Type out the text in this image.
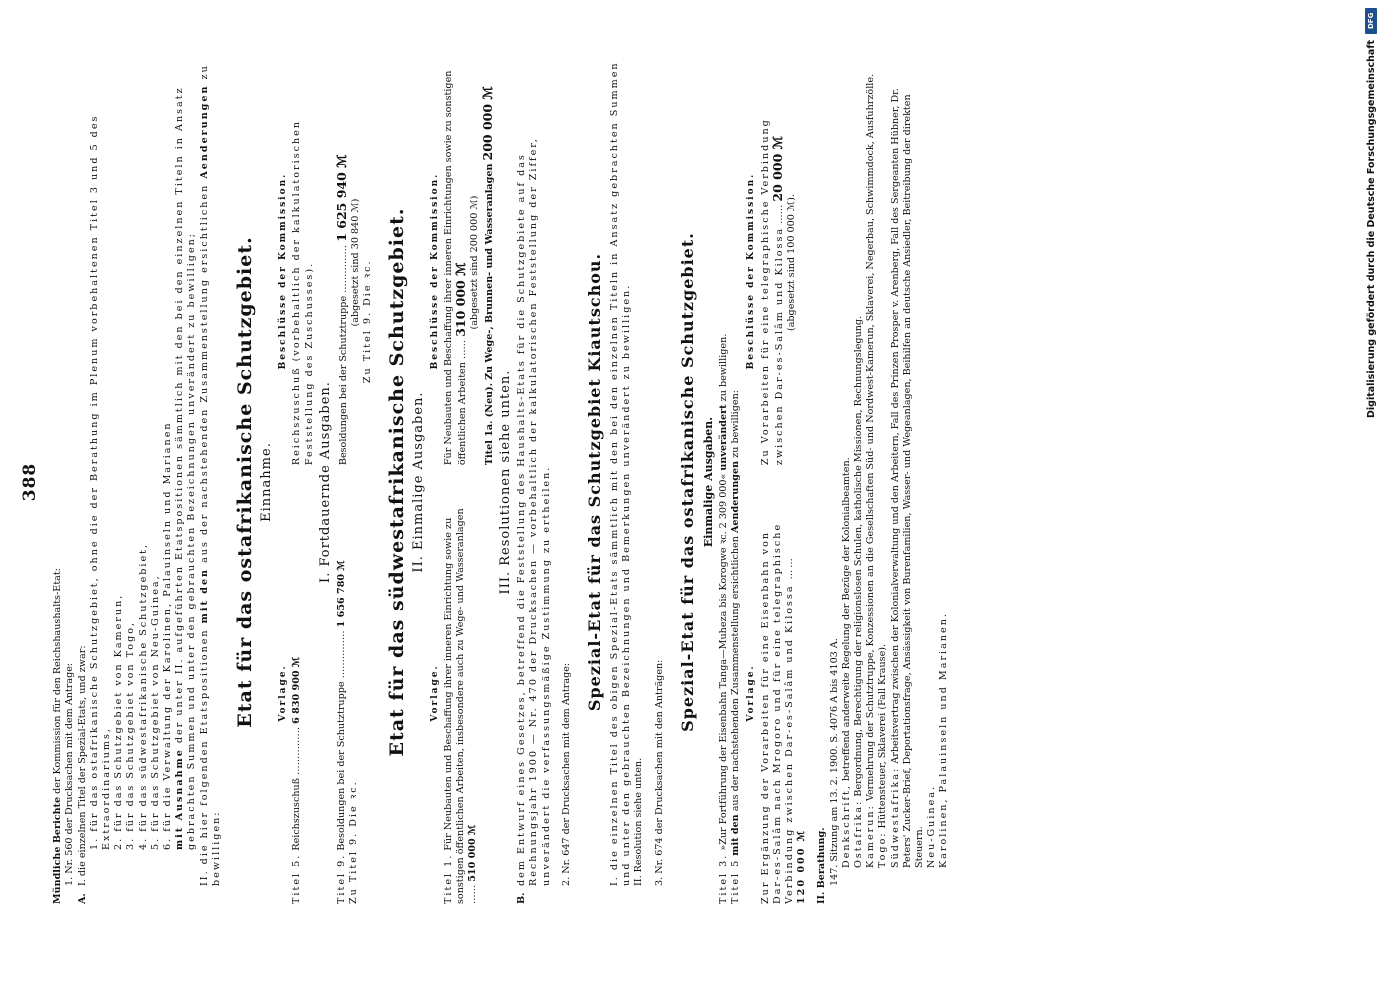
388

Mündliche Berichte der Kommission für den Reichshaushalts-Etat: 1. Nr. 560 der Drucksachen mit dem Antrage:

A.

I. die einzelnen Titel der Spezial-Etats, und zwar: 1. für das ostafrikanische Schutzgebiet, ohne die der Berathung im Plenum vorbehaltenen Titel 3 und 5 des Extraordinariums, 2. für das Schutzgebiet von Kamerun, 3. für das Schutzgebiet von Togo, 4. für das südwestafrikanische Schutzgebiet, 5. für das Schutzgebiet von Neu-Guinea, 6. für die Verwaltung der Karolinen, Palauinseln und Marianen mit Ausnahme der unter II. aufgeführten Etatspositionen sämmtlich mit den bei den einzelnen Titeln in Ansatz gebrachten Summen und unter den gebrauchten Bezeichnungen unverändert zu bewilligen; II. die hier folgenden Etatspositionen mit den aus der nachstehenden Zusammenstellung ersichtlichen Aenderungen zu bewilligen:

Etat für das ostafrikanische Schutzgebiet. Einnahme.
Vorlage.
Beschlüsse der Kommission.
Titel 5. Reichszuschuß …………… 6 830 900 ℳ
Reichszuschuß (vorbehaltlich der kalkulatorischen Feststellung des Zuschusses).
I. Fortdauernde Ausgaben.

Titel 9. Besoldungen bei der Schutztruppe …………… 1 656 780 ℳ

Zu Titel 9. Die ꝛc.

Besoldungen bei der Schutztruppe …………… 1 625 940 ℳ

(abgesetzt sind 30 840 ℳ) Zu Titel 9. Die ꝛc. Etat für das südwestafrikanische Schutzgebiet. II. Einmalige Ausgaben.
Vorlage.
Beschlüsse der Kommission.
Titel 1. Für Neubauten und Beschaffung ihrer inneren Einrichtung sowie zu sonstigen öffentlichen Arbeiten, insbesondere auch zu Wege- und Wasseranlagen …… 510 000 ℳ

Für Neubauten und Beschaffung ihrer inneren Einrichtungen sowie zu sonstigen öffentlichen Arbeiten …… 310 000 ℳ (abgesetzt sind 200 000 ℳ)

Titel 1a. (Neu). Zu Wege-, Brunnen- und Wasseranlagen 200 000 ℳ

III. Resolutionen siehe unten.
B.

dem Entwurf eines Gesetzes, betreffend die Feststellung des Haushalts-Etats für die Schutzgebiete auf das Rechnungsjahr 1900 — Nr. 470 der Drucksachen — vorbehaltlich der kalkulatorischen Feststellung der Ziffer, unverändert die verfassungsmäßige Zustimmung zu ertheilen. 2. Nr. 647 der Drucksachen mit dem Antrage:

Spezial-Etat für das Schutzgebiet Kiautschou. I. die einzelnen Titel des obigen Spezial-Etats sämmtlich mit den bei den einzelnen Titeln in Ansatz gebrachten Summen und unter den gebrauchten Bezeichnungen und Bemerkungen unverändert zu bewilligen. II. Resolution siehe unten. 3. Nr. 674 der Drucksachen mit den Anträgen:

Spezial-Etat für das ostafrikanische Schutzgebiet. Einmalige Ausgaben.

Titel 3. »Zur Fortführung der Eisenbahn Tanga—Muheza bis Korogwe ꝛc. 2 309 000« unverändert zu bewilligen.

Titel 5 mit den aus der nachstehenden Zusammenstellung ersichtlichen Aenderungen zu bewilligen:

Vorlage.
Beschlüsse der Kommission.
Zur Ergänzung der Vorarbeiten für eine Eisenbahn von Dar-es-Salâm nach Mrogoro und für eine telegraphische Verbindung zwischen Dar-es-Salâm und Kilossa …… 120 000 ℳ

Zu Vorarbeiten für eine telegraphische Verbindung zwischen Dar-es-Salâm und Kilossa …… 20 000 ℳ

(abgesetzt sind 100 000 ℳ).

II. Berathung. 147. Sitzung am 13. 2. 1900. S. 4076 A bis 4103 A. Denkschrift, betreffend anderweite Regelung der Bezüge der Kolonialbeamten.

Ostafrika: Bergordnung, Berechtigung der religionslosen Schulen, katholische Missionen, Rechnungslegung.

Kamerun: Vermehrung der Schutztruppe, Konzessionen an die Gesellschaften Süd- und Nordwest-Kamerun, Sklaverei, Negerbau, Schwimmdock, Ausfuhrzölle.

Togo: Hüttensteuer, Sklaverei (Fall Krause). Südwestafrika: Arbeitsvertrag zwischen der Kolonialverwaltung und den Arbeitern, Fall des Prinzen Prosper v. Arenberg, Fall des Sergeanten Hübner, Dr. Peters' Zucker-Brief, Deportationsfrage, Ansässigkeit von Burenfamilien, Wasser- und Wegeanlagen, Beihilfen an deutsche Ansiedler, Beitreibung der direkten Steuern. Neu-Guinea. Karolinen, Palauinseln und Marianen.

DFG
Digitalisierung gefördert durch die Deutsche Forschungsgemeinschaft
